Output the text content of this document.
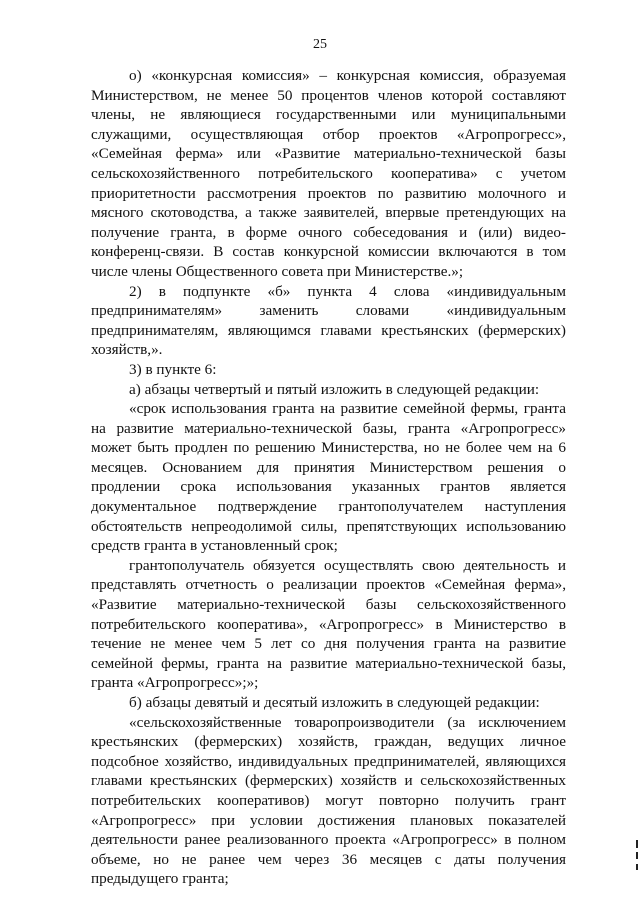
25

о) «конкурсная комиссия» – конкурсная комиссия, образуемая Министерством, не менее 50 процентов членов которой составляют члены, не являющиеся государственными или муниципальными служащими, осуществляющая отбор проектов «Агропрогресс», «Семейная ферма» или «Развитие материально-технической базы сельскохозяйственного потребительского кооператива» с учетом приоритетности рассмотрения проектов по развитию молочного и мясного скотоводства, а также заявителей, впервые претендующих на получение гранта, в форме очного собеседования и (или) видео-конференц-связи. В состав конкурсной комиссии включаются в том числе члены Общественного совета при Министерстве.»;

2) в подпункте «б» пункта 4 слова «индивидуальным предпринимателям» заменить словами «индивидуальным предпринимателям, являющимся главами крестьянских (фермерских) хозяйств,».

3) в пункте 6:

а) абзацы четвертый и пятый изложить в следующей редакции:

«срок использования гранта на развитие семейной фермы, гранта на развитие материально-технической базы, гранта «Агропрогресс» может быть продлен по решению Министерства, но не более чем на 6 месяцев. Основанием для принятия Министерством решения о продлении срока использования указанных грантов является документальное подтверждение грантополучателем наступления обстоятельств непреодолимой силы, препятствующих использованию средств гранта в установленный срок;

грантополучатель обязуется осуществлять свою деятельность и представлять отчетность о реализации проектов «Семейная ферма», «Развитие материально-технической базы сельскохозяйственного потребительского кооператива», «Агропрогресс» в Министерство в течение не менее чем 5 лет со дня получения гранта на развитие семейной фермы, гранта на развитие материально-технической базы, гранта «Агропрогресс»;»;

б) абзацы девятый и десятый изложить в следующей редакции:

«сельскохозяйственные товаропроизводители (за исключением крестьянских (фермерских) хозяйств, граждан, ведущих личное подсобное хозяйство, индивидуальных предпринимателей, являющихся главами крестьянских (фермерских) хозяйств и сельскохозяйственных потребительских кооперативов) могут повторно получить грант «Агропрогресс» при условии достижения плановых показателей деятельности ранее реализованного проекта «Агропрогресс» в полном объеме, но не ранее чем через 36 месяцев с даты получения предыдущего гранта;
